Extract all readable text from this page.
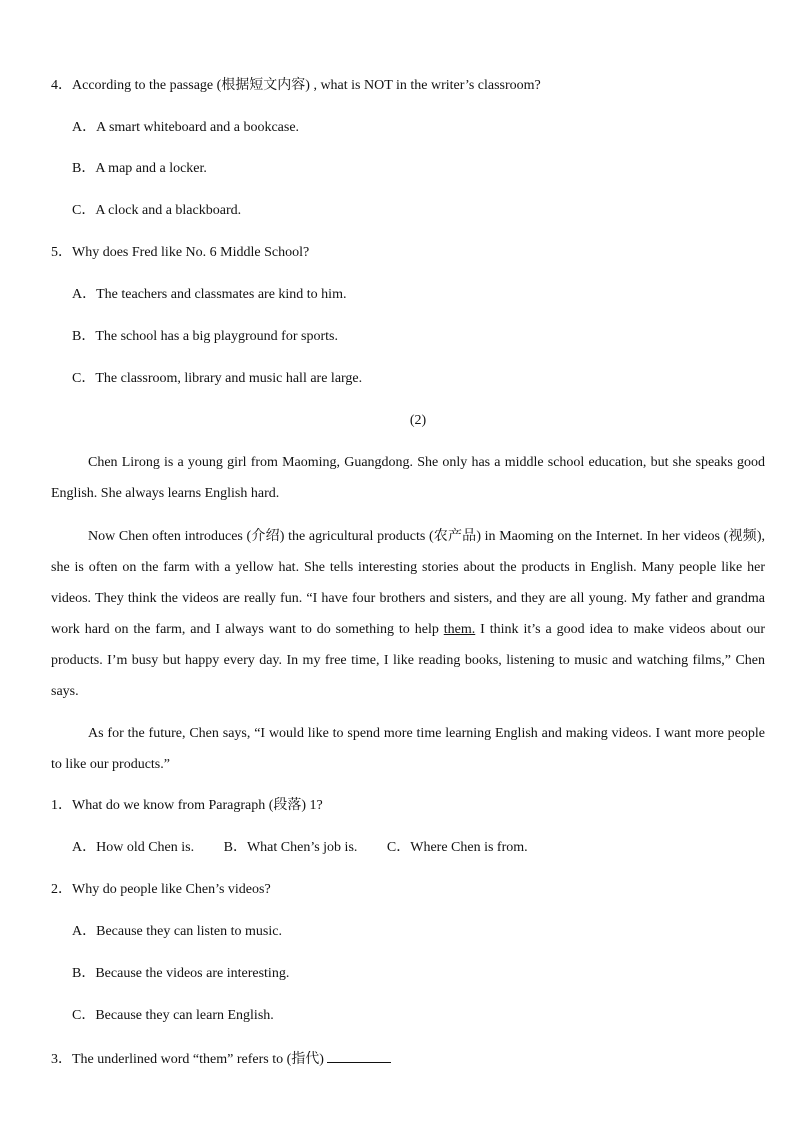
4．According to the passage (根据短文内容) , what is NOT in the writer’s classroom?
A．A smart whiteboard and a bookcase.
B．A map and a locker.
C．A clock and a blackboard.
5．Why does Fred like No. 6 Middle School?
A．The teachers and classmates are kind to him.
B．The school has a big playground for sports.
C．The classroom, library and music hall are large.
(2)
Chen Lirong is a young girl from Maoming, Guangdong. She only has a middle school education, but she speaks good English. She always learns English hard.
Now Chen often introduces (介绍) the agricultural products (农产品) in Maoming on the Internet. In her videos (视频), she is often on the farm with a yellow hat. She tells interesting stories about the products in English. Many people like her videos. They think the videos are really fun. “I have four brothers and sisters, and they are all young. My father and grandma work hard on the farm, and I always want to do something to help them. I think it’s a good idea to make videos about our products. I’m busy but happy every day. In my free time, I like reading books, listening to music and watching films,” Chen says.
As for the future, Chen says, “I would like to spend more time learning English and making videos. I want more people to like our products.”
1．What do we know from Paragraph (段落) 1?
A．How old Chen is. B．What Chen’s job is. C．Where Chen is from.
2．Why do people like Chen’s videos?
A．Because they can listen to music.
B．Because the videos are interesting.
C．Because they can learn English.
3．The underlined word “them” refers to (指代)
